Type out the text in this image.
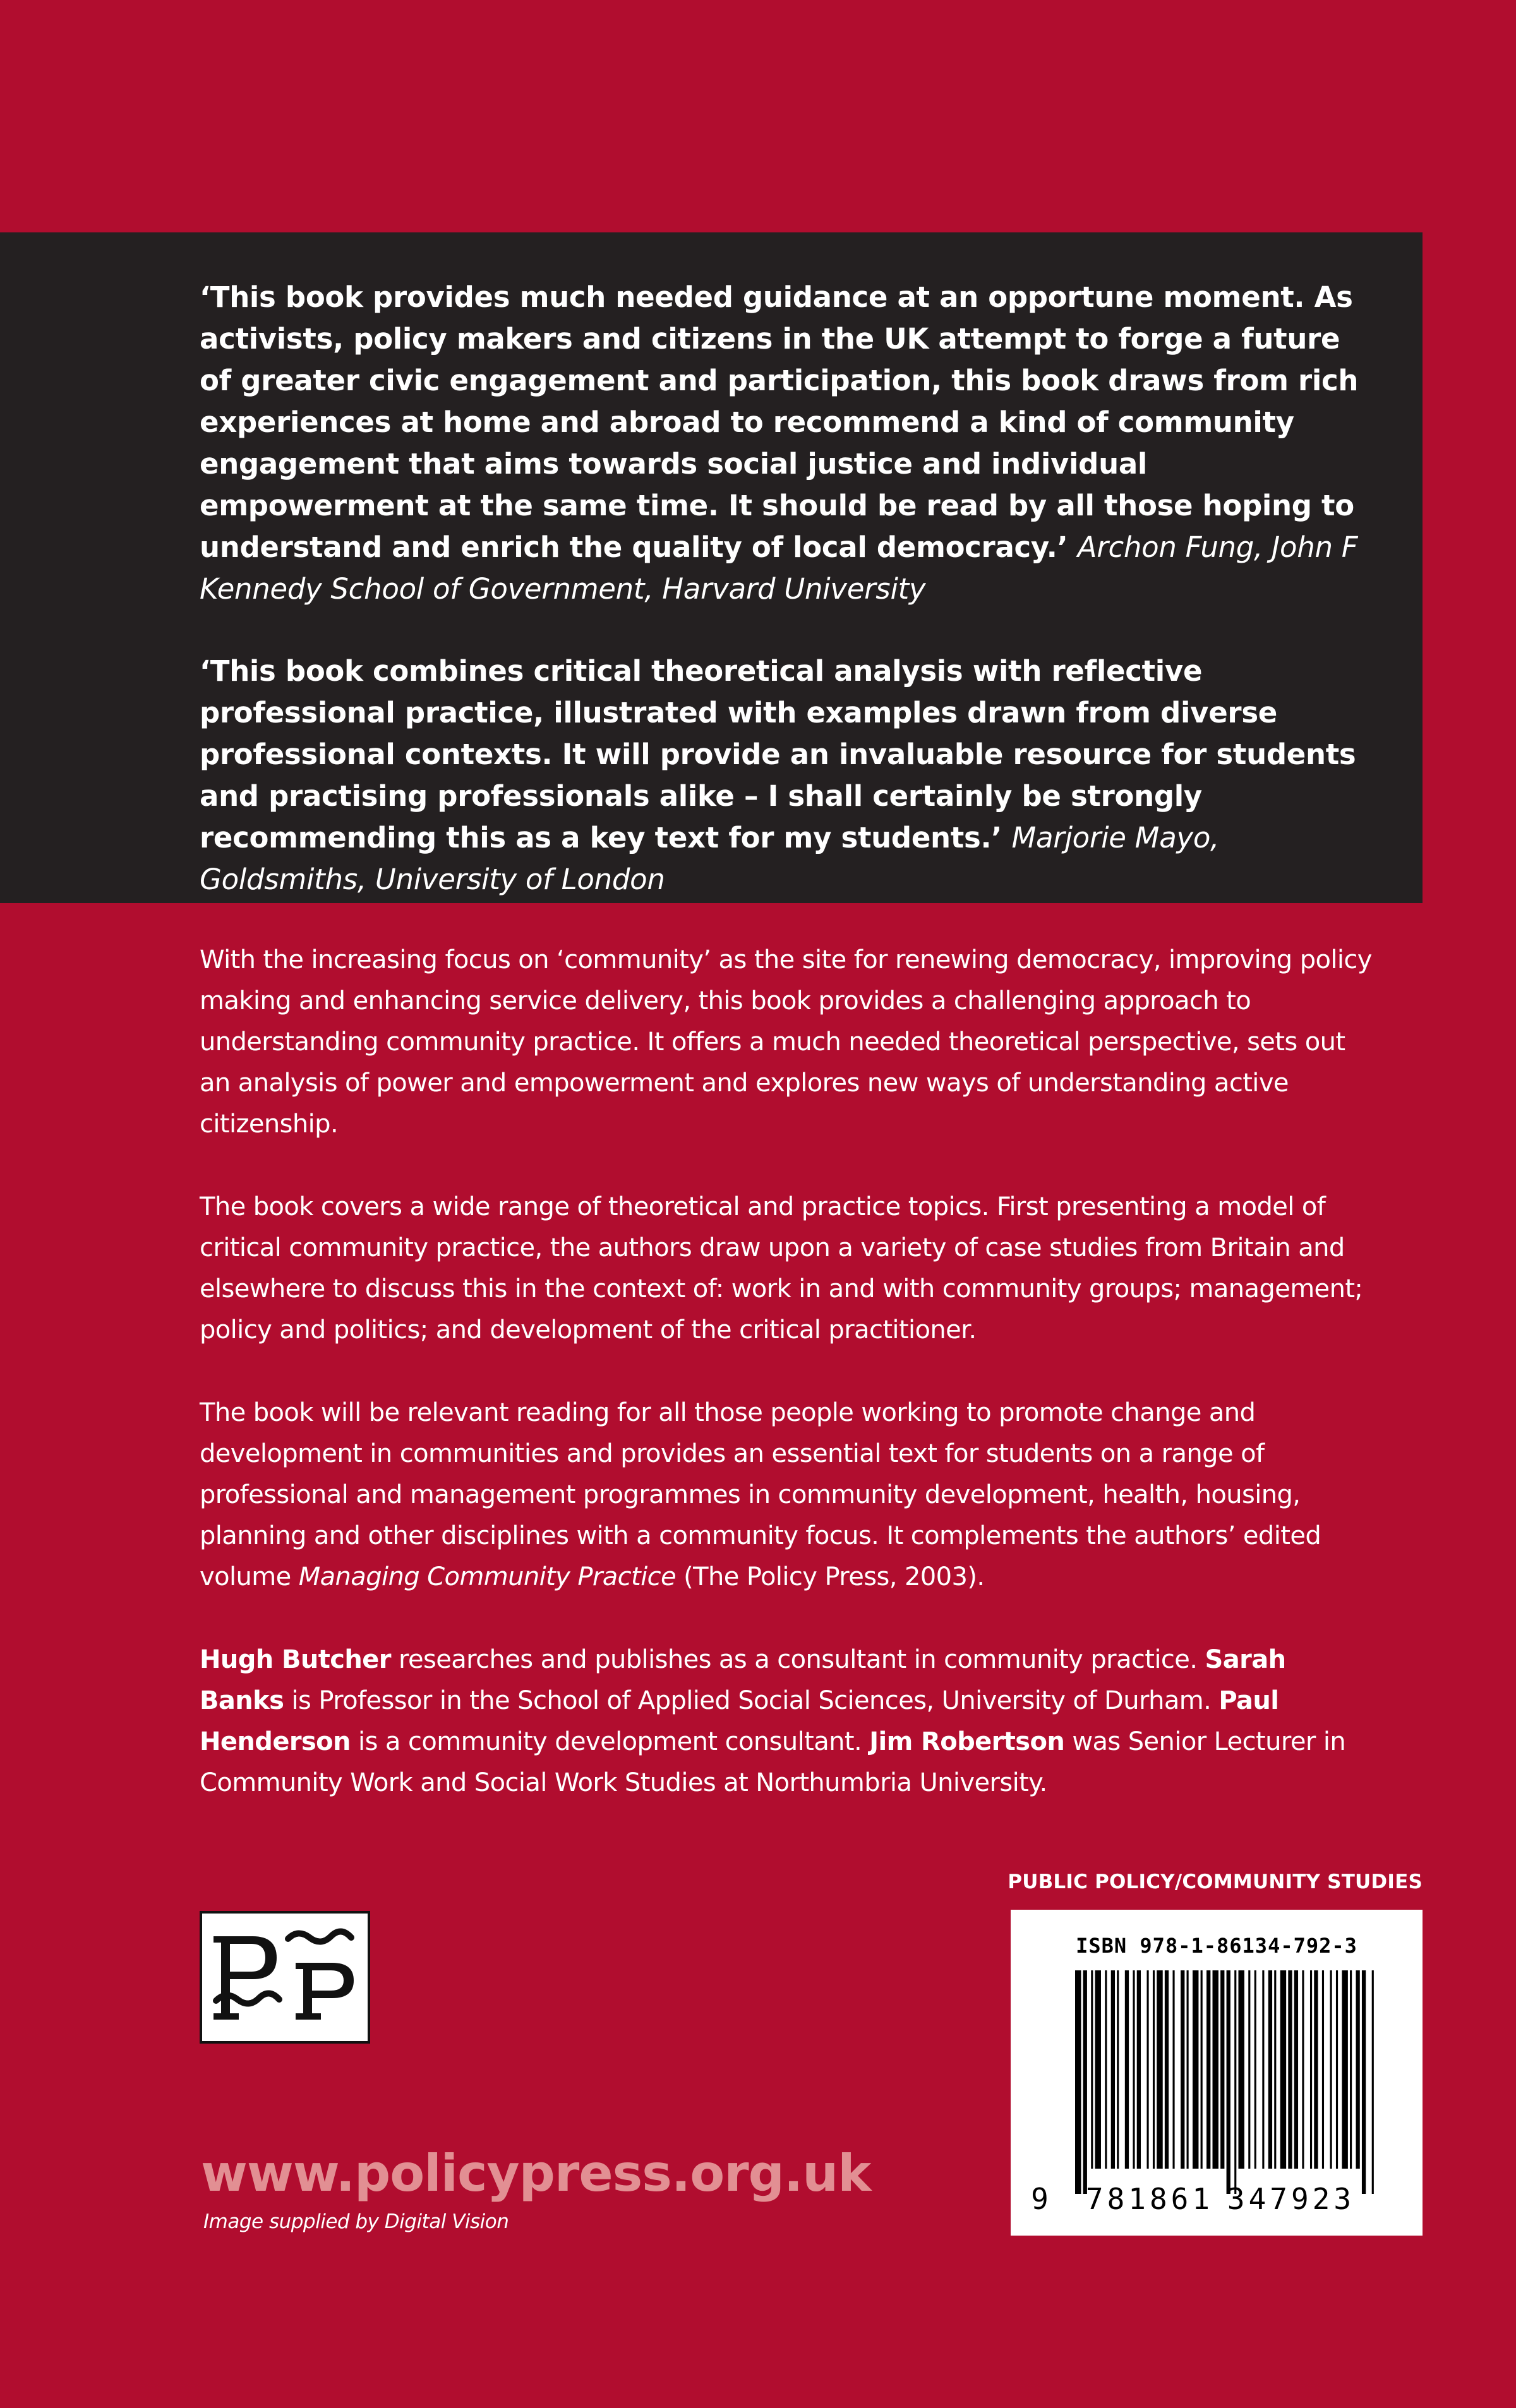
‘This book provides much needed guidance at an opportune moment. As activists, policy makers and citizens in the UK attempt to forge a future of greater civic engagement and participation, this book draws from rich experiences at home and abroad to recommend a kind of community engagement that aims towards social justice and individual empowerment at the same time. It should be read by all those hoping to understand and enrich the quality of local democracy.’ Archon Fung, John F Kennedy School of Government, Harvard University

‘This book combines critical theoretical analysis with reflective professional practice, illustrated with examples drawn from diverse professional contexts. It will provide an invaluable resource for students and practising professionals alike – I shall certainly be strongly recommending this as a key text for my students.’ Marjorie Mayo, Goldsmiths, University of London

With the increasing focus on ‘community’ as the site for renewing democracy, improving policy making and enhancing service delivery, this book provides a challenging approach to understanding community practice. It offers a much needed theoretical perspective, sets out an analysis of power and empowerment and explores new ways of understanding active citizenship.

The book covers a wide range of theoretical and practice topics. First presenting a model of critical community practice, the authors draw upon a variety of case studies from Britain and elsewhere to discuss this in the context of: work in and with community groups; management; policy and politics; and development of the critical practitioner.

The book will be relevant reading for all those people working to promote change and development in communities and provides an essential text for students on a range of professional and management programmes in community development, health, housing, planning and other disciplines with a community focus. It complements the authors’ edited volume Managing Community Practice (The Policy Press, 2003).

Hugh Butcher researches and publishes as a consultant in community practice. Sarah Banks is Professor in the School of Applied Social Sciences, University of Durham. Paul Henderson is a community development consultant. Jim Robertson was Senior Lecturer in Community Work and Social Work Studies at Northumbria University.

PUBLIC POLICY/COMMUNITY STUDIES
www.policypress.org.uk
Image supplied by Digital Vision
ISBN 978-1-86134-792-3
9 781861 347923
